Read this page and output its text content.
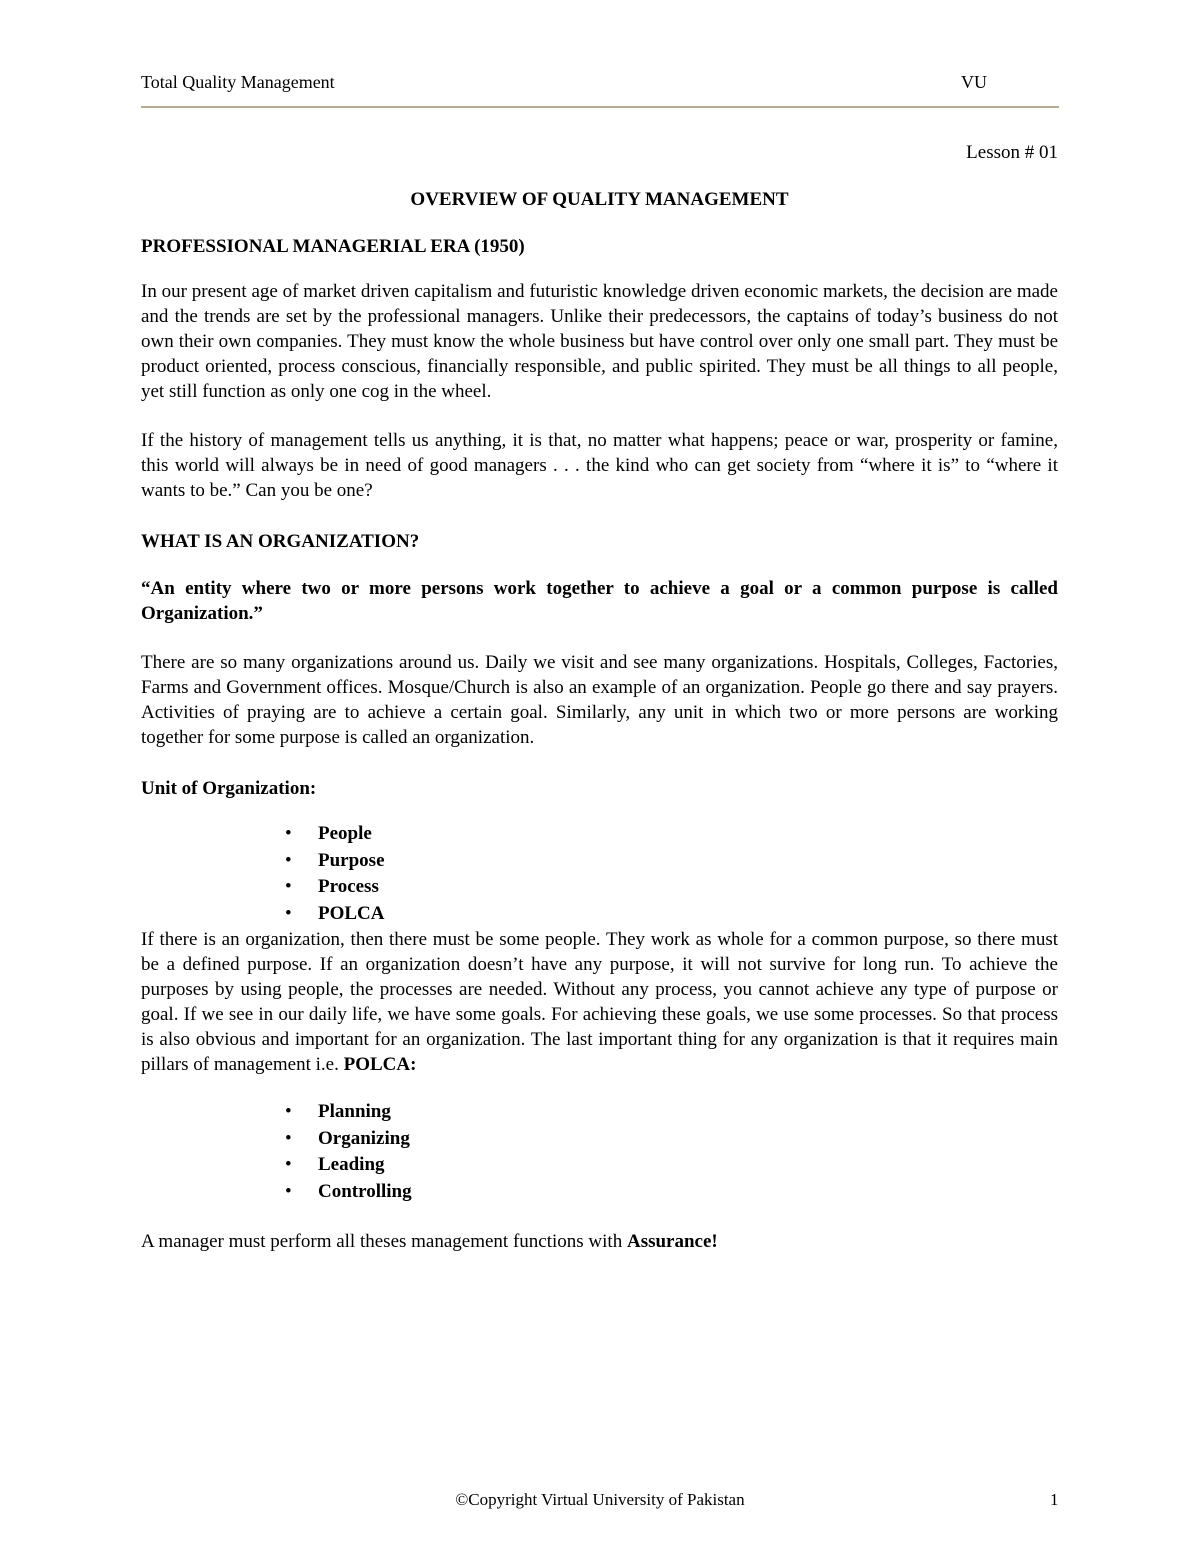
Total Quality Management	VU

Lesson # 01

OVERVIEW OF QUALITY MANAGEMENT
PROFESSIONAL MANAGERIAL ERA (1950)

In our present age of market driven capitalism and futuristic knowledge driven economic markets, the decision are made and the trends are set by the professional managers. Unlike their predecessors, the captains of today’s business do not own their own companies. They must know the whole business but have control over only one small part. They must be product oriented, process conscious, financially responsible, and public spirited. They must be all things to all people, yet still function as only one cog in the wheel.

If the history of management tells us anything, it is that, no matter what happens; peace or war, prosperity or famine, this world will always be in need of good managers . . . the kind who can get society from “where it is” to “where it wants to be.” Can you be one?

WHAT IS AN ORGANIZATION?

“An entity where two or more persons work together to achieve a goal or a common purpose is called Organization.”

There are so many organizations around us. Daily we visit and see many organizations. Hospitals, Colleges, Factories, Farms and Government offices. Mosque/Church is also an example of an organization. People go there and say prayers. Activities of praying are to achieve a certain goal. Similarly, any unit in which two or more persons are working together for some purpose is called an organization.

Unit of Organization:
• People
• Purpose
• Process
• POLCA

If there is an organization, then there must be some people. They work as whole for a common purpose, so there must be a defined purpose. If an organization doesn’t have any purpose, it will not survive for long run. To achieve the purposes by using people, the processes are needed. Without any process, you cannot achieve any type of purpose or goal. If we see in our daily life, we have some goals. For achieving these goals, we use some processes. So that process is also obvious and important for an organization. The last important thing for any organization is that it requires main pillars of management i.e. POLCA:

• Planning
• Organizing
• Leading
• Controlling

A manager must perform all theses management functions with Assurance!

©Copyright Virtual University of Pakistan	1
